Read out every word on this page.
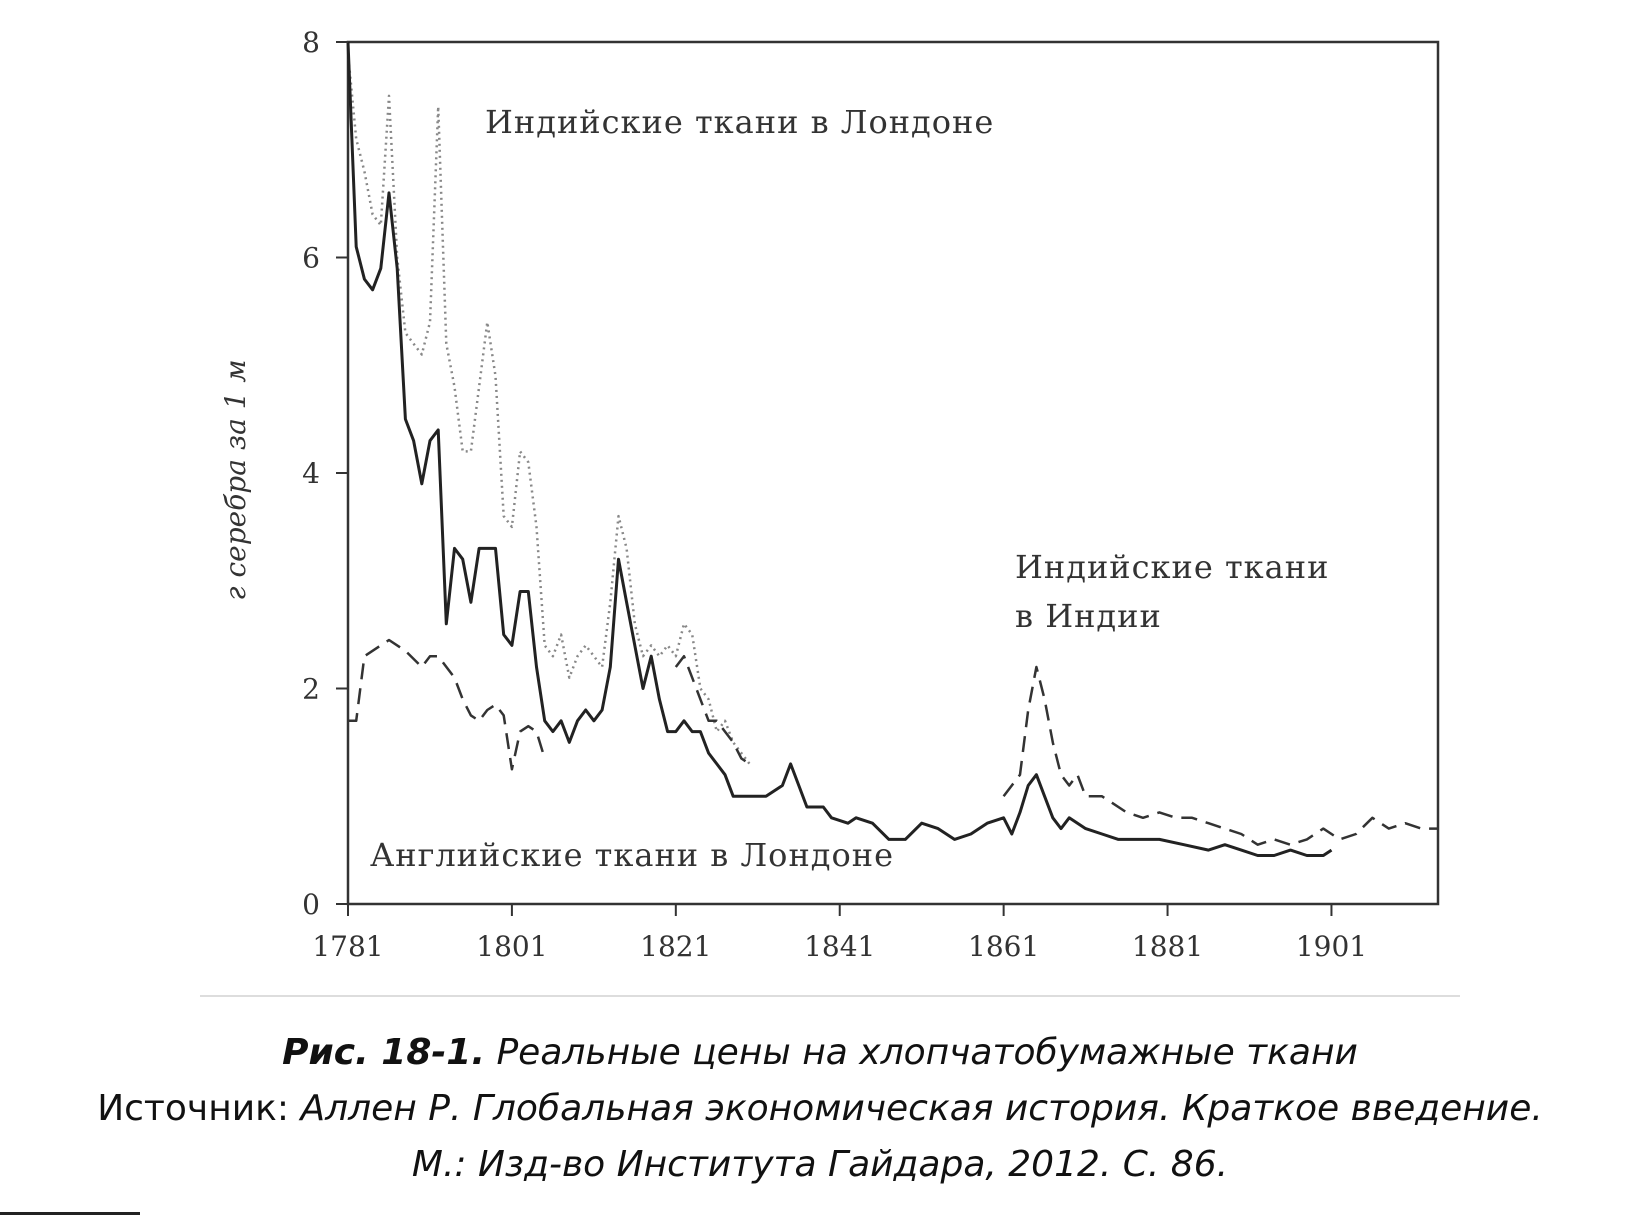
1781	1801	1821	1841	1861	1881	1901
0
2
4
6
8
г серебра за 1 м
Индийские ткани в Лондоне
Индийские ткани
в Индии
Английские ткани в Лондоне
Рис. 18-1. Реальные цены на хлопчатобумажные ткани
Источник: Аллен Р. Глобальная экономическая история. Краткое введение.
М.: Изд-во Института Гайдара, 2012. С. 86.
